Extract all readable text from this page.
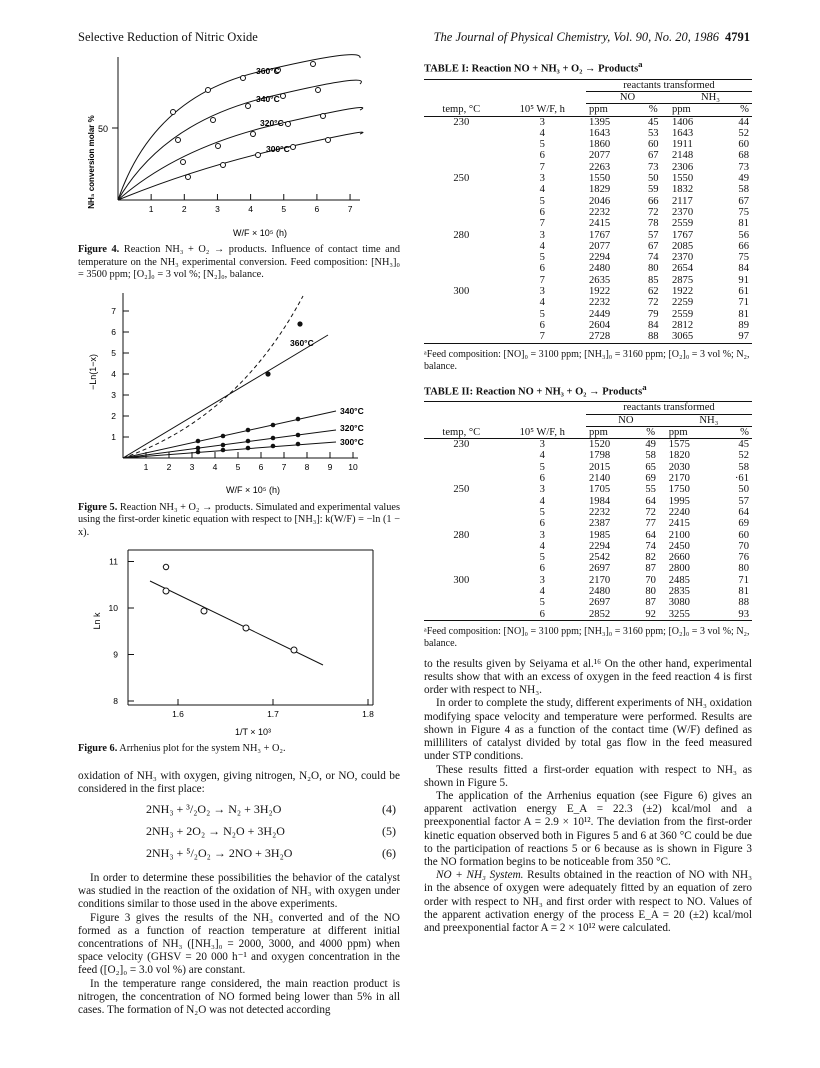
Selective Reduction of Nitric Oxide	The Journal of Physical Chemistry, Vol. 90, No. 20, 1986 4791
NH₃ conversion molar % 50
1	2	3	4	5	6	7
W/F × 10⁵ (h)
360°C
340°C
320°C
300°C

Figure 4. Reaction NH₃ + O₂ → products. Influence of contact time and temperature on the NH₃ experimental conversion. Feed composition: [NH₃]₀ = 3500 ppm; [O₂]₀ = 3 vol %; [N₂]₀, balance.

−Ln(1−x)
1
2
3
4
5
6
7
1 2 3 4 5 6 7 8 9 10
W/F × 10⁵ (h)
360°C
340°C
320°C
300°C

Figure 5. Reaction NH₃ + O₂ → products. Simulated and experimental values using the first-order kinetic equation with respect to [NH₃]: k(W/F) = −ln (1 − x).

Ln k
8
9
10
11
1.6	1.7	1.8
1/T × 10³

Figure 6. Arrhenius plot for the system NH₃ + O₂.

oxidation of NH₃ with oxygen, giving nitrogen, N₂O, or NO, could be considered in the first place:

2NH₃ + ³/₂O₂ → N₂ + 3H₂O	(4)
2NH₃ + 2O₂ → N₂O + 3H₂O	(5)
2NH₃ + ⁵/₂O₂ → 2NO + 3H₂O	(6)

In order to determine these possibilities the behavior of the catalyst was studied in the reaction of the oxidation of NH₃ with oxygen under conditions similar to those used in the above experiments.

Figure 3 gives the results of the NH₃ converted and of the NO formed as a function of reaction temperature at different initial concentrations of NH₃ ([NH₃]₀ = 2000, 3000, and 4000 ppm) when space velocity (GHSV = 20 000 h⁻¹ and oxygen concentration in the feed ([O₂]₀ = 3.0 vol %) are constant.

In the temperature range considered, the main reaction product is nitrogen, the concentration of NO formed being lower than 5% in all cases. The formation of N₂O was not detected according

TABLE I: Reaction NO + NH₃ + O₂ → Products$^a$
		reactants transformed			
		NO		NH₃	
temp, °C	10⁵ W/F, h	ppm	%	ppm	%
230	3	1395	45	1406	44
	4	1643	53	1643	52
	5	1860	60	1911	60
	6	2077	67	2148	68
	7	2263	73	2306	73
250	3	1550	50	1550	49
	4	1829	59	1832	58
	5	2046	66	2117	67
	6	2232	72	2370	75
	7	2415	78	2559	81
280	3	1767	57	1767	56
	4	2077	67	2085	66
	5	2294	74	2370	75
	6	2480	80	2654	84
	7	2635	85	2875	91
300	3	1922	62	1922	61
	4	2232	72	2259	71
	5	2449	79	2559	81
	6	2604	84	2812	89
	7	2728	88	3065	97

ᵃFeed composition: [NO]₀ = 3100 ppm; [NH₃]₀ = 3160 ppm; [O₂]₀ = 3 vol %; N₂, balance.

TABLE II: Reaction NO + NH₃ + O₂ → Products$^a$
		reactants transformed			
		NO		NH₃	
temp, °C	10⁵ W/F, h	ppm	%	ppm	%
230	3	1520	49	1575	45
	4	1798	58	1820	52
	5	2015	65	2030	58
	6	2140	69	2170	·61
250	3	1705	55	1750	50
	4	1984	64	1995	57
	5	2232	72	2240	64
	6	2387	77	2415	69
280	3	1985	64	2100	60
	4	2294	74	2450	70
	5	2542	82	2660	76
	6	2697	87	2800	80
300	3	2170	70	2485	71
	4	2480	80	2835	81
	5	2697	87	3080	88
	6	2852	92	3255	93

ᵃFeed composition: [NO]₀ = 3100 ppm; [NH₃]₀ = 3160 ppm; [O₂]₀ = 3 vol %; N₂, balance.

to the results given by Seiyama et al.¹⁶ On the other hand, experimental results show that with an excess of oxygen in the feed reaction 4 is first order with respect to NH₃.

In order to complete the study, different experiments of NH₃ oxidation modifying space velocity and temperature were performed. Results are shown in Figure 4 as a function of the contact time (W/F) defined as milliliters of catalyst divided by total gas flow in the feed measured under STP conditions.

These results fitted a first-order equation with respect to NH₃ as shown in Figure 5.

The application of the Arrhenius equation (see Figure 6) gives an apparent activation energy E_A = 22.3 (±2) kcal/mol and a preexponential factor A = 2.9 × 10¹². The deviation from the first-order kinetic equation observed both in Figures 5 and 6 at 360 °C could be due to the participation of reactions 5 or 6 because as is shown in Figure 3 the NO formation begins to be noticeable from 350 °C.

NO + NH₃ System. Results obtained in the reaction of NO with NH₃ in the absence of oxygen were adequately fitted by an equation of zero order with respect to NH₃ and first order with respect to NO. Values of the apparent activation energy of the process E_A = 20 (±2) kcal/mol and preexponential factor A = 2 × 10¹² were calculated.
